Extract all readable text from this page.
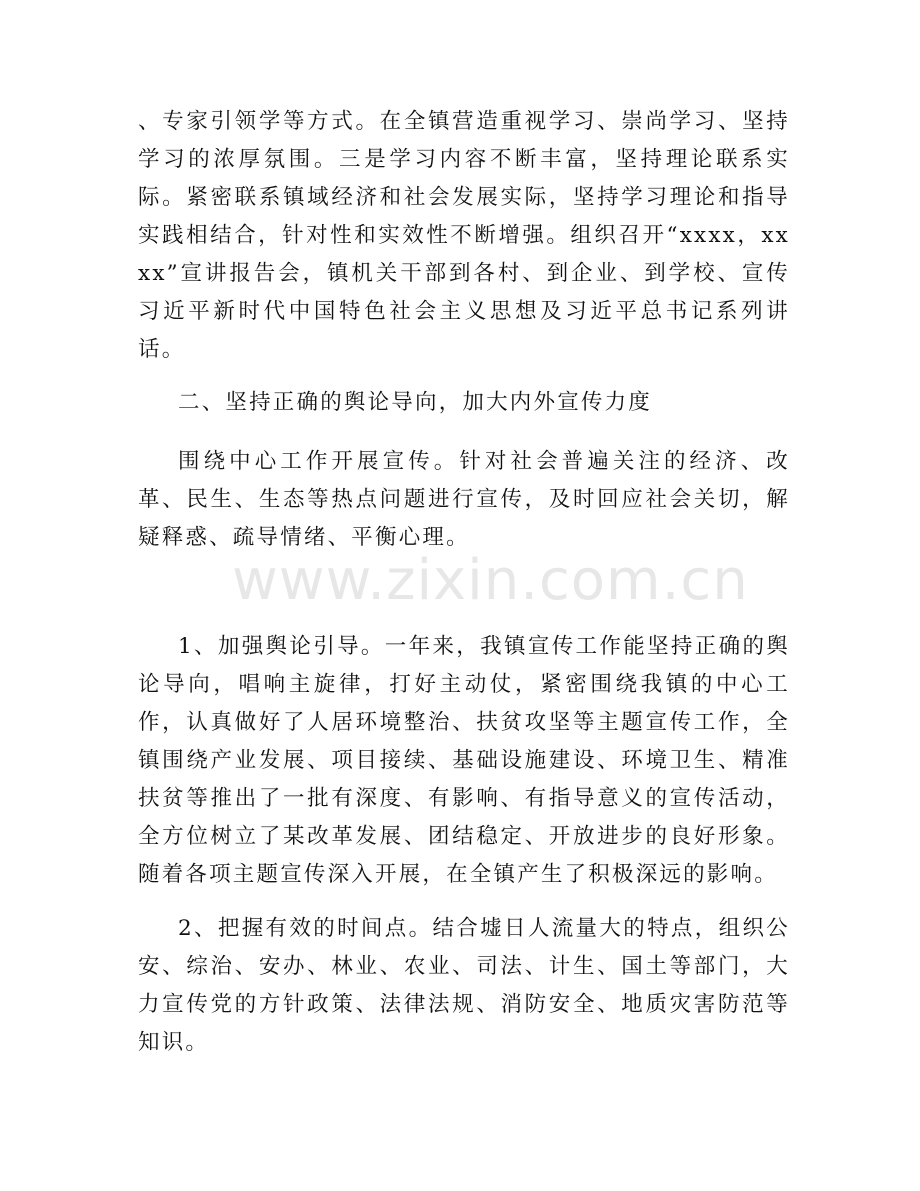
、专家引领学等方式。在全镇营造重视学习、崇尚学习、坚持学习的浓厚氛围。三是学习内容不断丰富，坚持理论联系实际。紧密联系镇域经济和社会发展实际，坚持学习理论和指导实践相结合，针对性和实效性不断增强。组织召开“xxxx，xxxx”宣讲报告会，镇机关干部到各村、到企业、到学校、宣传习近平新时代中国特色社会主义思想及习近平总书记系列讲话。
二、坚持正确的舆论导向，加大内外宣传力度
围绕中心工作开展宣传。针对社会普遍关注的经济、改革、民生、生态等热点问题进行宣传，及时回应社会关切，解疑释惑、疏导情绪、平衡心理。
1、加强舆论引导。一年来，我镇宣传工作能坚持正确的舆论导向，唱响主旋律，打好主动仗，紧密围绕我镇的中心工作，认真做好了人居环境整治、扶贫攻坚等主题宣传工作，全镇围绕产业发展、项目接续、基础设施建设、环境卫生、精准扶贫等推出了一批有深度、有影响、有指导意义的宣传活动，全方位树立了某改革发展、团结稳定、开放进步的良好形象。随着各项主题宣传深入开展，在全镇产生了积极深远的影响。
2、把握有效的时间点。结合墟日人流量大的特点，组织公安、综治、安办、林业、农业、司法、计生、国土等部门，大力宣传党的方针政策、法律法规、消防安全、地质灾害防范等知识。
www.zixin.com.cn
